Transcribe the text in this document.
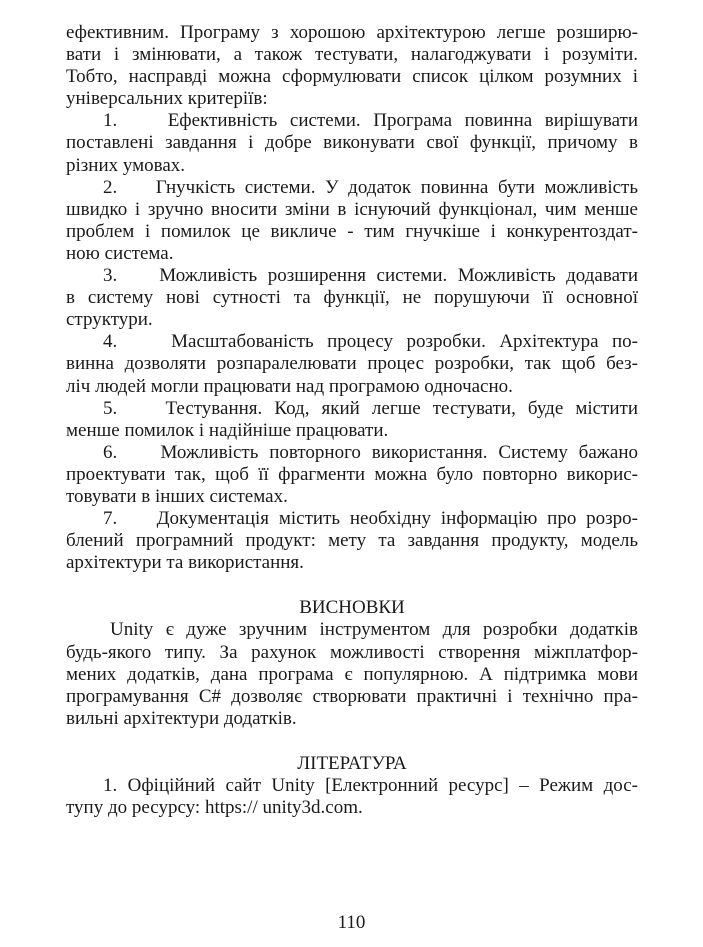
ефективним. Програму з хорошою архітектурою легше розширю-
вати і змінювати, а також тестувати, налагоджувати і розуміти.
Тобто, насправді можна сформулювати список цілком розумних і
універсальних критеріїв:
1.    Ефективність системи. Програма повинна вирішувати
поставлені завдання і добре виконувати свої функції, причому в
різних умовах.
2.    Гнучкість системи. У додаток повинна бути можливість
швидко і зручно вносити зміни в існуючий функціонал, чим менше
проблем і помилок це викличе - тим гнучкіше і конкурентоздат-
ною система.
3.    Можливість розширення системи. Можливість додавати
в систему нові сутності та функції, не порушуючи її основної
структури.
4.    Масштабованість процесу розробки. Архітектура по-
винна дозволяти розпаралелювати процес розробки, так щоб без-
ліч людей могли працювати над програмою одночасно.
5.    Тестування. Код, який легше тестувати, буде містити
менше помилок і надійніше працювати.
6.    Можливість повторного використання. Систему бажано
проектувати так, щоб її фрагменти можна було повторно викорис-
товувати в інших системах.
7.    Документація містить необхідну інформацію про розро-
блений програмний продукт: мету та завдання продукту, модель
архітектури та використання.
ВИСНОВКИ
Unity є дуже зручним інструментом для розробки додатків
будь-якого типу. За рахунок можливості створення міжплатфор-
мених додатків, дана програма є популярною. А підтримка мови
програмування C# дозволяє створювати практичні і технічно пра-
вильні архітектури додатків.
ЛІТЕРАТУРА
1. Офіційний сайт Unity [Електронний ресурс] – Режим дос-
тупу до ресурсу: https:// unity3d.com.
110
